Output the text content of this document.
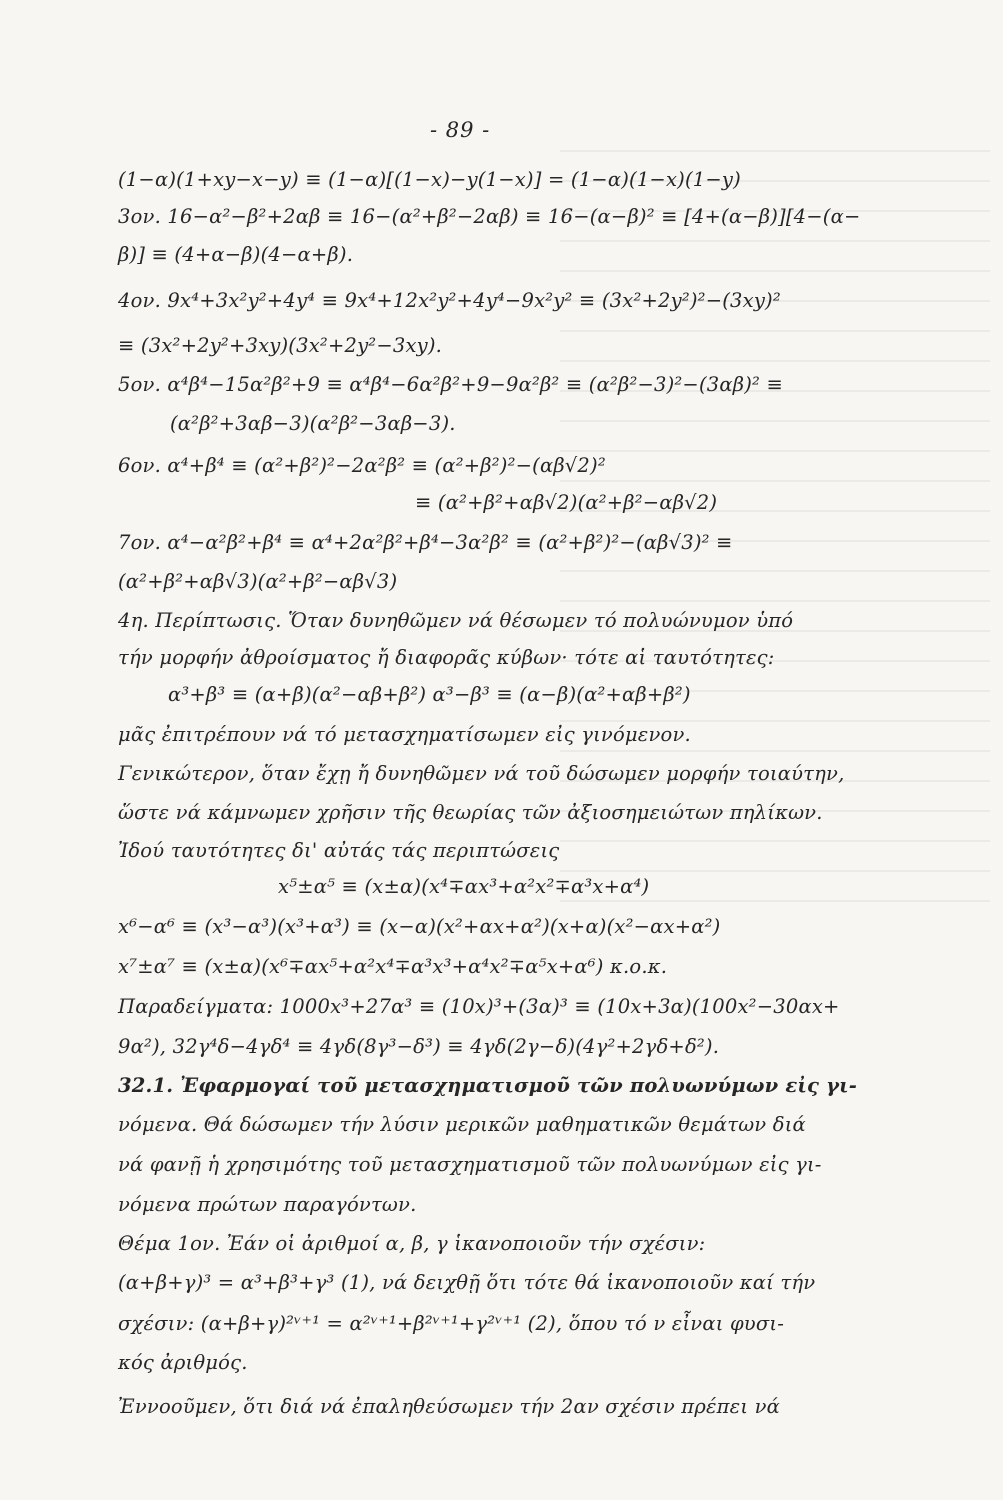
- 89 -
(1−α)(1+xy−x−y) ≡ (1−α)[(1−x)−y(1−x)] = (1−α)(1−x)(1−y)
3ον. 16−α²−β²+2αβ ≡ 16−(α²+β²−2αβ) ≡ 16−(α−β)² ≡ [4+(α−β)][4−(α−
β)] ≡ (4+α−β)(4−α+β).
4ον. 9x⁴+3x²y²+4y⁴ ≡ 9x⁴+12x²y²+4y⁴−9x²y² ≡ (3x²+2y²)²−(3xy)²
≡ (3x²+2y²+3xy)(3x²+2y²−3xy).
5ον. α⁴β⁴−15α²β²+9 ≡ α⁴β⁴−6α²β²+9−9α²β² ≡ (α²β²−3)²−(3αβ)² ≡
(α²β²+3αβ−3)(α²β²−3αβ−3).
6ον. α⁴+β⁴ ≡ (α²+β²)²−2α²β² ≡ (α²+β²)²−(αβ√2)²
≡ (α²+β²+αβ√2)(α²+β²−αβ√2)
7ον. α⁴−α²β²+β⁴ ≡ α⁴+2α²β²+β⁴−3α²β² ≡ (α²+β²)²−(αβ√3)² ≡
(α²+β²+αβ√3)(α²+β²−αβ√3)
4η. Περίπτωσις. Ὅταν δυνηθῶμεν νά θέσωμεν τό πολυώνυμον ὑπό
τήν μορφήν ἀθροίσματος ἤ διαφορᾶς κύβων· τότε αἱ ταυτότητες:
α³+β³ ≡ (α+β)(α²−αβ+β²) α³−β³ ≡ (α−β)(α²+αβ+β²)
μᾶς ἐπιτρέπουν νά τό μετασχηματίσωμεν εἰς γινόμενον.
Γενικώτερον, ὅταν ἔχῃ ἤ δυνηθῶμεν νά τοῦ δώσωμεν μορφήν τοιαύτην,
ὥστε νά κάμνωμεν χρῆσιν τῆς θεωρίας τῶν ἀξιοσημειώτων πηλίκων.
Ἰδού ταυτότητες δι' αὐτάς τάς περιπτώσεις
x⁵±α⁵ ≡ (x±α)(x⁴∓αx³+α²x²∓α³x+α⁴)
x⁶−α⁶ ≡ (x³−α³)(x³+α³) ≡ (x−α)(x²+αx+α²)(x+α)(x²−αx+α²)
x⁷±α⁷ ≡ (x±α)(x⁶∓αx⁵+α²x⁴∓α³x³+α⁴x²∓α⁵x+α⁶) κ.ο.κ.
Παραδείγματα: 1000x³+27α³ ≡ (10x)³+(3α)³ ≡ (10x+3α)(100x²−30αx+
9α²), 32γ⁴δ−4γδ⁴ ≡ 4γδ(8γ³−δ³) ≡ 4γδ(2γ−δ)(4γ²+2γδ+δ²).
32.1. Ἐφαρμογαί τοῦ μετασχηματισμοῦ τῶν πολυωνύμων εἰς γι-
νόμενα. Θά δώσωμεν τήν λύσιν μερικῶν μαθηματικῶν θεμάτων διά
νά φανῇ ἡ χρησιμότης τοῦ μετασχηματισμοῦ τῶν πολυωνύμων εἰς γι-
νόμενα πρώτων παραγόντων.
Θέμα 1ον. Ἐάν οἱ ἀριθμοί α, β, γ ἱκανοποιοῦν τήν σχέσιν:
(α+β+γ)³ = α³+β³+γ³ (1), νά δειχθῇ ὅτι τότε θά ἱκανοποιοῦν καί τήν
σχέσιν: (α+β+γ)²ᵛ⁺¹ = α²ᵛ⁺¹+β²ᵛ⁺¹+γ²ᵛ⁺¹ (2), ὅπου τό ν εἶναι φυσι-
κός ἀριθμός.
Ἐννοοῦμεν, ὅτι διά νά ἐπαληθεύσωμεν τήν 2αν σχέσιν πρέπει νά
